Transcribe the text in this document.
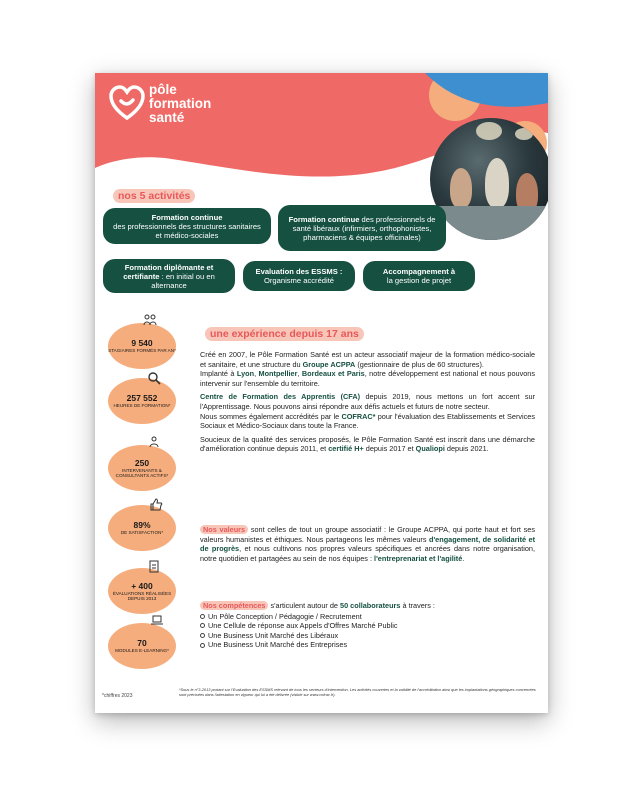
pôle
formation
santé
nos 5 activités
Formation continue
des professionnels des structures sanitaires et médico-sociales
Formation continue des professionnels de santé libéraux (infirmiers, orthophonistes, pharmaciens & équipes officinales)
Formation diplômante et certifiante : en initial ou en alternance
Evaluation des ESSMS :
Organisme accrédité
Accompagnement à
la gestion de projet
9 540
STAGIAIRES FORMÉS PAR AN*
257 552
HEURES DE FORMATION*
250
INTERVENANTS & CONSULTANTS ACTIFS*
89%
DE SATISFACTION*
+ 400
ÉVALUATIONS RÉALISÉES DEPUIS 2013
70
MODULES E-LEARNING*
une expérience depuis 17 ans

Créé en 2007, le Pôle Formation Santé est un acteur associatif majeur de la formation médico-sociale et sanitaire, et une structure du Groupe ACPPA (gestionnaire de plus de 60 structures).
Implanté à Lyon, Montpellier, Bordeaux et Paris, notre développement est national et nous pouvons intervenir sur l'ensemble du territoire.

Centre de Formation des Apprentis (CFA) depuis 2019, nous mettons un fort accent sur l'Apprentissage. Nous pouvons ainsi répondre aux défis actuels et futurs de notre secteur.
Nous sommes également accrédités par le COFRAC* pour l'évaluation des Etablissements et Services Sociaux et Médico-Sociaux dans toute la France.

Soucieux de la qualité des services proposés, le Pôle Formation Santé est inscrit dans une démarche d'amélioration continue depuis 2011, et certifié H+ depuis 2017 et Qualiopi depuis 2021.

Nos valeurs sont celles de tout un groupe associatif : le Groupe ACPPA, qui porte haut et fort ses valeurs humanistes et éthiques. Nous partageons les mêmes valeurs d'engagement, de solidarité et de progrès, et nous cultivons nos propres valeurs spécifiques et ancrées dans notre organisation, notre quotidien et partagées au sein de nos équipes : l'entreprenariat et l'agilité.

Nos compétences s'articulent autour de 50 collaborateurs à travers :

Un Pôle Conception / Pédagogie / Recrutement
Une Cellule de réponse aux Appels d'Offres Marché Public
Une Business Unit Marché des Libéraux
Une Business Unit Marché des Entreprises
*chiffres 2023
*Sous le n°3-2013 portant sur l'Evaluation des ESSMS relevant de tous les secteurs d'intervention. Les activités couvertes et la validité de l'accréditation ainsi que les implantations géographiques concernées sont précisées dans l'attestation en vigueur qui lui a été délivrée (visible sur www.cofrac.fr).
